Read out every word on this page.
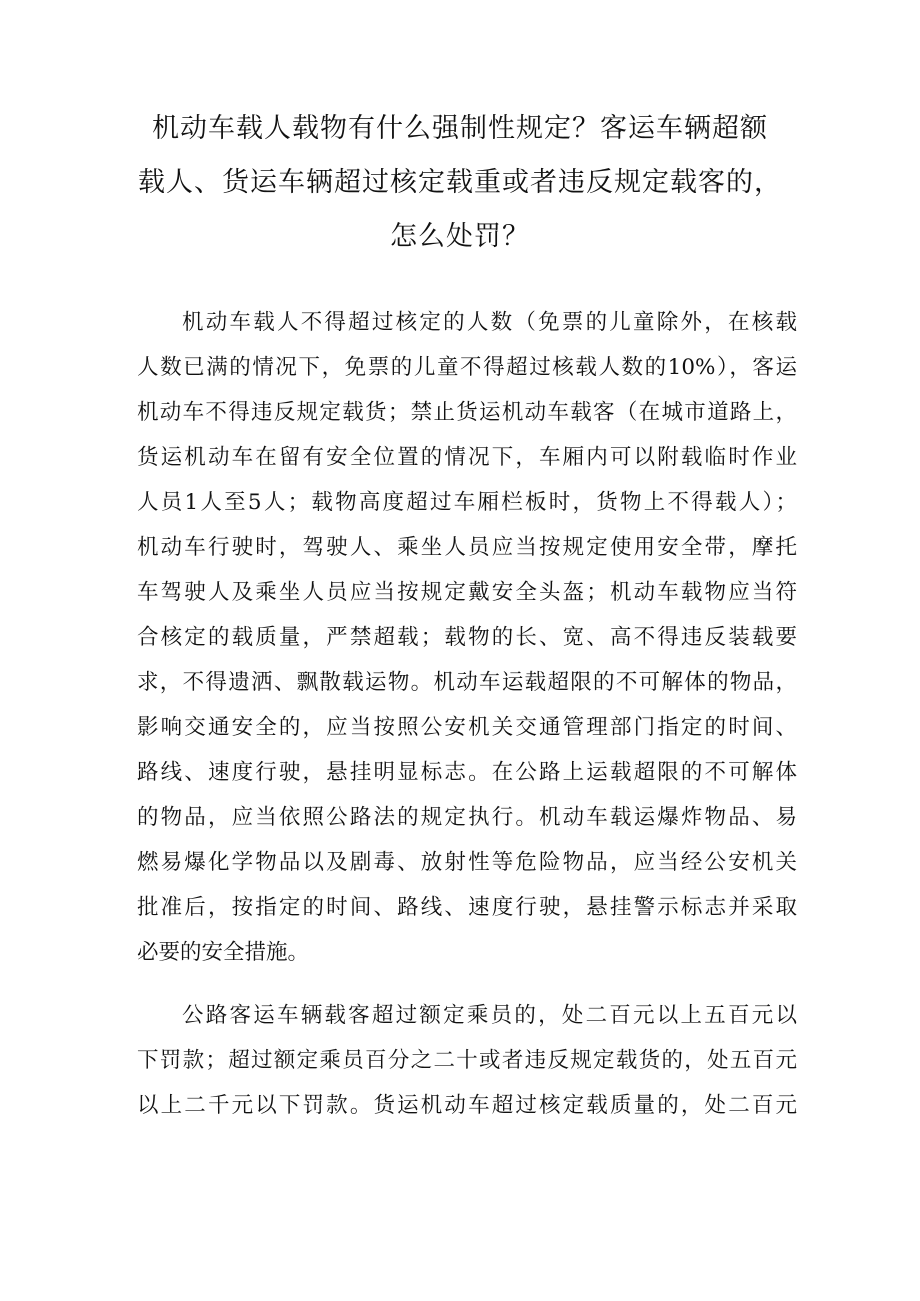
机动车载人载物有什么强制性规定？客运车辆超额
载人、货运车辆超过核定载重或者违反规定载客的，
怎么处罚？

机动车载人不得超过核定的人数（免票的儿童除外，在核载
人数已满的情况下，免票的儿童不得超过核载人数的10%），客运
机动车不得违反规定载货；禁止货运机动车载客（在城市道路上，
货运机动车在留有安全位置的情况下，车厢内可以附载临时作业
人员1人至5人；载物高度超过车厢栏板时，货物上不得载人）；
机动车行驶时，驾驶人、乘坐人员应当按规定使用安全带，摩托
车驾驶人及乘坐人员应当按规定戴安全头盔；机动车载物应当符
合核定的载质量，严禁超载；载物的长、宽、高不得违反装载要
求，不得遗洒、飘散载运物。机动车运载超限的不可解体的物品，
影响交通安全的，应当按照公安机关交通管理部门指定的时间、
路线、速度行驶，悬挂明显标志。在公路上运载超限的不可解体
的物品，应当依照公路法的规定执行。机动车载运爆炸物品、易
燃易爆化学物品以及剧毒、放射性等危险物品，应当经公安机关
批准后，按指定的时间、路线、速度行驶，悬挂警示标志并采取
必要的安全措施。

公路客运车辆载客超过额定乘员的，处二百元以上五百元以
下罚款；超过额定乘员百分之二十或者违反规定载货的，处五百元
以上二千元以下罚款。货运机动车超过核定载质量的，处二百元
